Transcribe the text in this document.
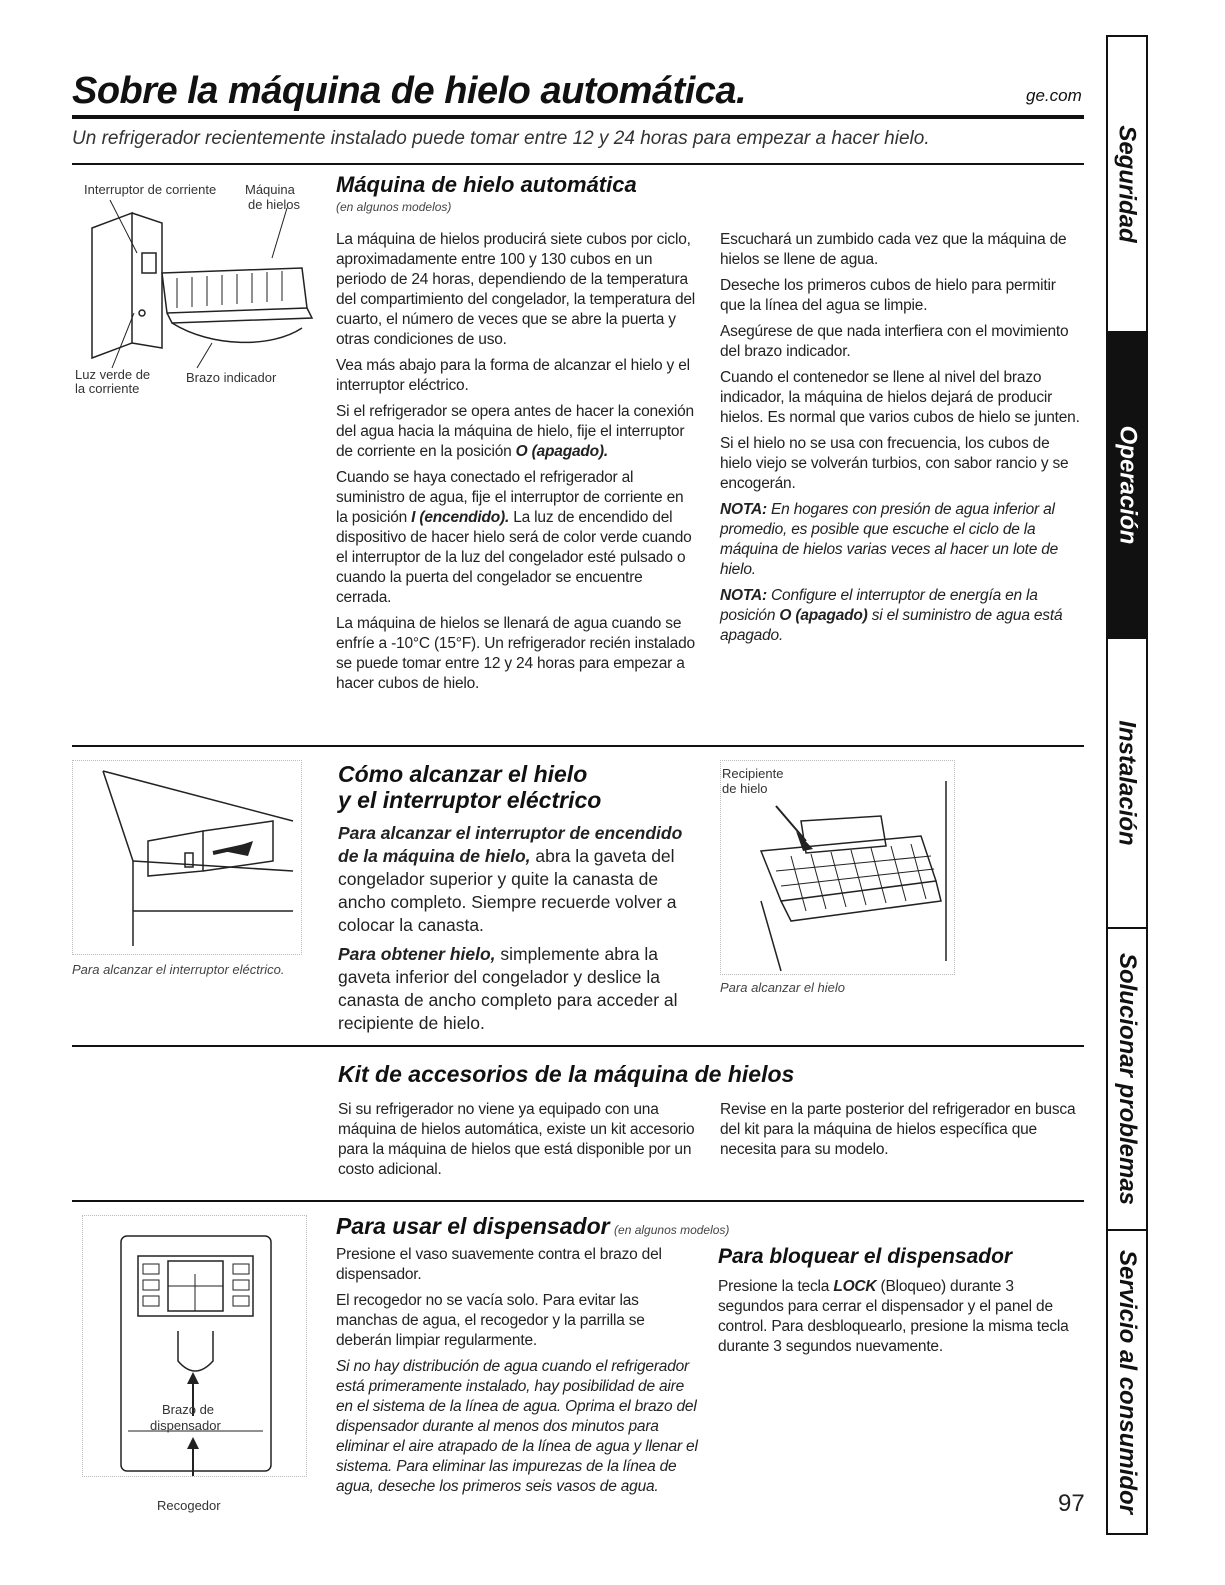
Sobre la máquina de hielo automática.	ge.com
Un refrigerador recientemente instalado puede tomar entre 12 y 24 horas para empezar a hacer hielo.
Interruptor de corriente Máquina
de hielos
Luz verde de
la corriente
Brazo indicador
Máquina de hielo automática
(en algunos modelos)

La máquina de hielos producirá siete cubos por ciclo, aproximadamente entre 100 y 130 cubos en un periodo de 24 horas, dependiendo de la temperatura del compartimiento del congelador, la temperatura del cuarto, el número de veces que se abre la puerta y otras condiciones de uso.

Vea más abajo para la forma de alcanzar el hielo y el interruptor eléctrico.

Si el refrigerador se opera antes de hacer la conexión del agua hacia la máquina de hielo, fije el interruptor de corriente en la posición O (apagado).

Cuando se haya conectado el refrigerador al suministro de agua, fije el interruptor de corriente en la posición I (encendido). La luz de encendido del dispositivo de hacer hielo será de color verde cuando el interruptor de la luz del congelador esté pulsado o cuando la puerta del congelador se encuentre cerrada.

La máquina de hielos se llenará de agua cuando se enfríe a -10°C (15°F). Un refrigerador recién instalado se puede tomar entre 12 y 24 horas para empezar a hacer cubos de hielo.

Escuchará un zumbido cada vez que la máquina de hielos se llene de agua.

Deseche los primeros cubos de hielo para permitir que la línea del agua se limpie.

Asegúrese de que nada interfiera con el movimiento del brazo indicador.

Cuando el contenedor se llene al nivel del brazo indicador, la máquina de hielos dejará de producir hielos. Es normal que varios cubos de hielo se junten.

Si el hielo no se usa con frecuencia, los cubos de hielo viejo se volverán turbios, con sabor rancio y se encogerán.

NOTA: En hogares con presión de agua inferior al promedio, es posible que escuche el ciclo de la máquina de hielos varias veces al hacer un lote de hielo.

NOTA: Configure el interruptor de energía en la posición O (apagado) si el suministro de agua está apagado.

Para alcanzar el interruptor eléctrico.
Cómo alcanzar el hielo
y el interruptor eléctrico

Para alcanzar el interruptor de encendido de la máquina de hielo, abra la gaveta del congelador superior y quite la canasta de ancho completo. Siempre recuerde volver a colocar la canasta.

Para obtener hielo, simplemente abra la gaveta inferior del congelador y deslice la canasta de ancho completo para acceder al recipiente de hielo.

Recipiente
de hielo
Para alcanzar el hielo
Kit de accesorios de la máquina de hielos
Si su refrigerador no viene ya equipado con una máquina de hielos automática, existe un kit accesorio para la máquina de hielos que está disponible por un costo adicional.
Revise en la parte posterior del refrigerador en busca del kit para la máquina de hielos específica que necesita para su modelo.
Brazo de
dispensador
Recogedor
Para usar el dispensador (en algunos modelos)

Presione el vaso suavemente contra el brazo del dispensador.

El recogedor no se vacía solo. Para evitar las manchas de agua, el recogedor y la parrilla se deberán limpiar regularmente.

Si no hay distribución de agua cuando el refrigerador está primeramente instalado, hay posibilidad de aire en el sistema de la línea de agua. Oprima el brazo del dispensador durante al menos dos minutos para eliminar el aire atrapado de la línea de agua y llenar el sistema. Para eliminar las impurezas de la línea de agua, deseche los primeros seis vasos de agua.

Para bloquear el dispensador

Presione la tecla LOCK (Bloqueo) durante 3 segundos para cerrar el dispensador y el panel de control. Para desbloquearlo, presione la misma tecla durante 3 segundos nuevamente.

97
Seguridad
Operación
Instalación
Solucionar problemas
Servicio al consumidor
